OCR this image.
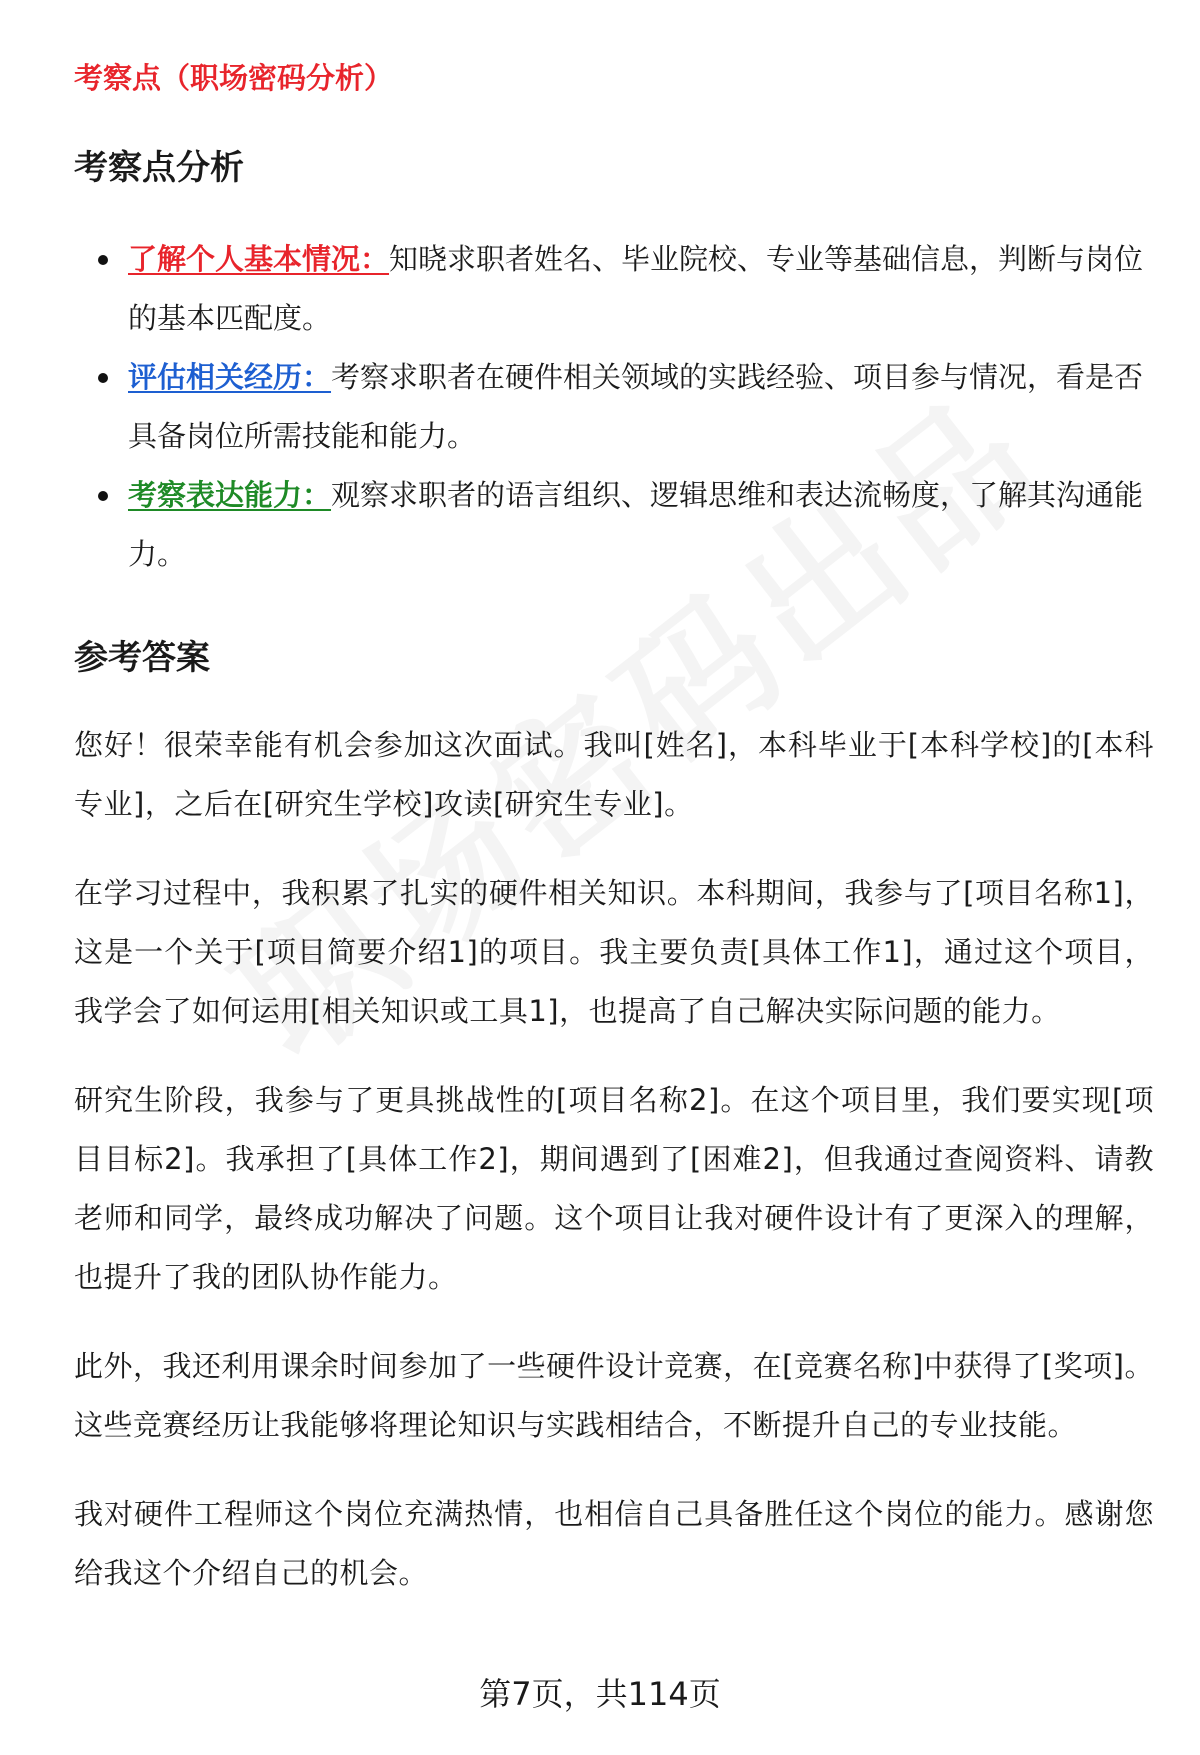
考察点（职场密码分析）
考察点分析
了解个人基本情况：知晓求职者姓名、毕业院校、专业等基础信息，判断与岗位的基本匹配度。
评估相关经历：考察求职者在硬件相关领域的实践经验、项目参与情况，看是否具备岗位所需技能和能力。
考察表达能力：观察求职者的语言组织、逻辑思维和表达流畅度，了解其沟通能力。
参考答案

您好！很荣幸能有机会参加这次面试。我叫[姓名]，本科毕业于[本科学校]的[本科专业]，之后在[研究生学校]攻读[研究生专业]。

在学习过程中，我积累了扎实的硬件相关知识。本科期间，我参与了[项目名称1]，这是一个关于[项目简要介绍1]的项目。我主要负责[具体工作1]，通过这个项目，我学会了如何运用[相关知识或工具1]，也提高了自己解决实际问题的能力。

研究生阶段，我参与了更具挑战性的[项目名称2]。在这个项目里，我们要实现[项目目标2]。我承担了[具体工作2]，期间遇到了[困难2]，但我通过查阅资料、请教老师和同学，最终成功解决了问题。这个项目让我对硬件设计有了更深入的理解，也提升了我的团队协作能力。

此外，我还利用课余时间参加了一些硬件设计竞赛，在[竞赛名称]中获得了[奖项]。这些竞赛经历让我能够将理论知识与实践相结合，不断提升自己的专业技能。

我对硬件工程师这个岗位充满热情，也相信自己具备胜任这个岗位的能力。感谢您给我这个介绍自己的机会。

第7页，共114页
